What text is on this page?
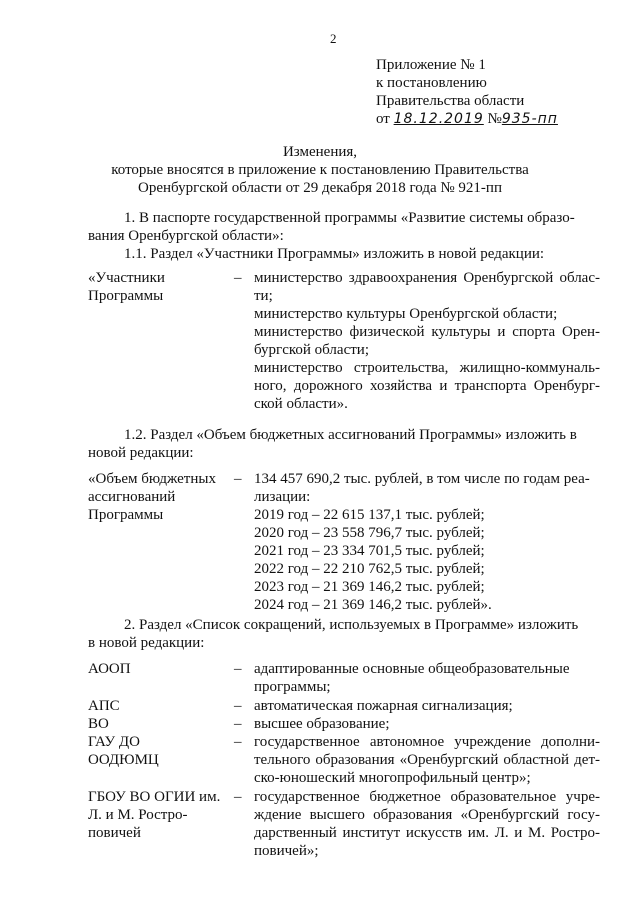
2
Приложение № 1
к постановлению
Правительства области
от 18.12.2019 №935-пп
Изменения,
которые вносятся в приложение к постановлению Правительства
Оренбургской области от 29 декабря 2018 года № 921-пп
1. В паспорте государственной программы «Развитие системы образо-
вания Оренбургской области»:
1.1. Раздел «Участники Программы» изложить в новой редакции:
«Участники Программы
– министерство здравоохранения Оренбургской облас-ти;
министерство культуры Оренбургской области;
министерство физической культуры и спорта Орен-бургской области;
министерство строительства, жилищно-коммуналь-ного, дорожного хозяйства и транспорта Оренбург-ской области».
1.2. Раздел «Объем бюджетных ассигнований Программы» изложить в
новой редакции:
«Объем бюджетных ассигнований Программы
– 134 457 690,2 тыс. рублей, в том числе по годам реа-
лизации:
2019 год – 22 615 137,1 тыс. рублей;
2020 год – 23 558 796,7 тыс. рублей;
2021 год – 23 334 701,5 тыс. рублей;
2022 год – 22 210 762,5 тыс. рублей;
2023 год – 21 369 146,2 тыс. рублей;
2024 год – 21 369 146,2 тыс. рублей».
2. Раздел «Список сокращений, используемых в Программе» изложить
в новой редакции:
АООП	– адаптированные основные общеобразовательные программы;
АПС	– автоматическая пожарная сигнализация;
ВО	– высшее образование;
ГАУ ДО ООДЮМЦ
– государственное автономное учреждение дополни-тельного образования «Оренбургский областной дет-ско-юношеский многопрофильный центр»;
ГБОУ ВО ОГИИ им. Л. и М. Ростро-повичей
– государственное бюджетное образовательное учре-ждение высшего образования «Оренбургский госу-дарственный институт искусств им. Л. и М. Ростро-повичей»;
